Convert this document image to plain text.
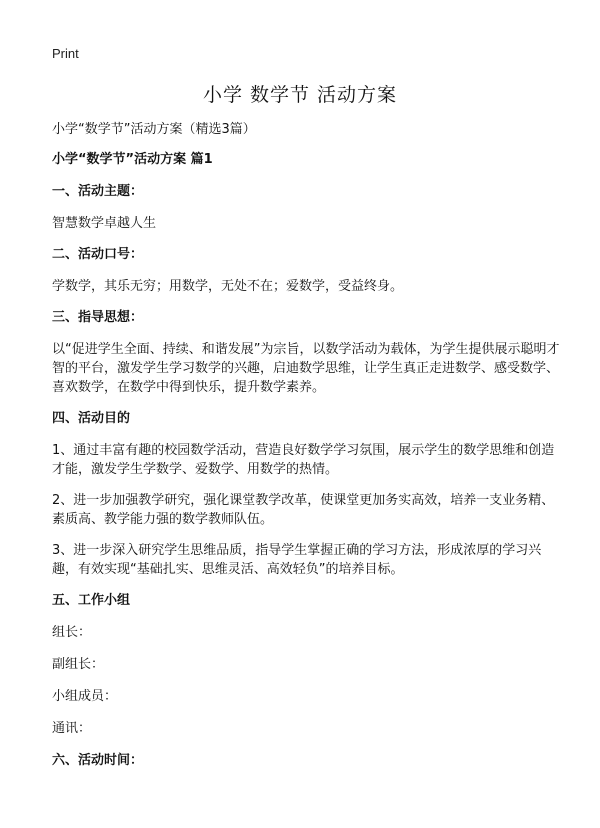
Print
小学 数学节 活动方案

小学“数学节”活动方案（精选3篇）

小学“数学节”活动方案 篇1

一、活动主题：

智慧数学卓越人生

二、活动口号：

学数学，其乐无穷；用数学，无处不在；爱数学，受益终身。

三、指导思想：

以“促进学生全面、持续、和谐发展”为宗旨，以数学活动为载体，为学生提供展示聪明才智的平台，激发学生学习数学的兴趣，启迪数学思维，让学生真正走进数学、感受数学、喜欢数学，在数学中得到快乐，提升数学素养。

四、活动目的

1、通过丰富有趣的校园数学活动，营造良好数学学习氛围，展示学生的数学思维和创造才能，激发学生学数学、爱数学、用数学的热情。

2、进一步加强教学研究，强化课堂教学改革，使课堂更加务实高效，培养一支业务精、素质高、教学能力强的数学教师队伍。

3、进一步深入研究学生思维品质，指导学生掌握正确的学习方法，形成浓厚的学习兴趣，有效实现“基础扎实、思维灵活、高效轻负”的培养目标。

五、工作小组

组长：

副组长：

小组成员：

通讯：

六、活动时间：
